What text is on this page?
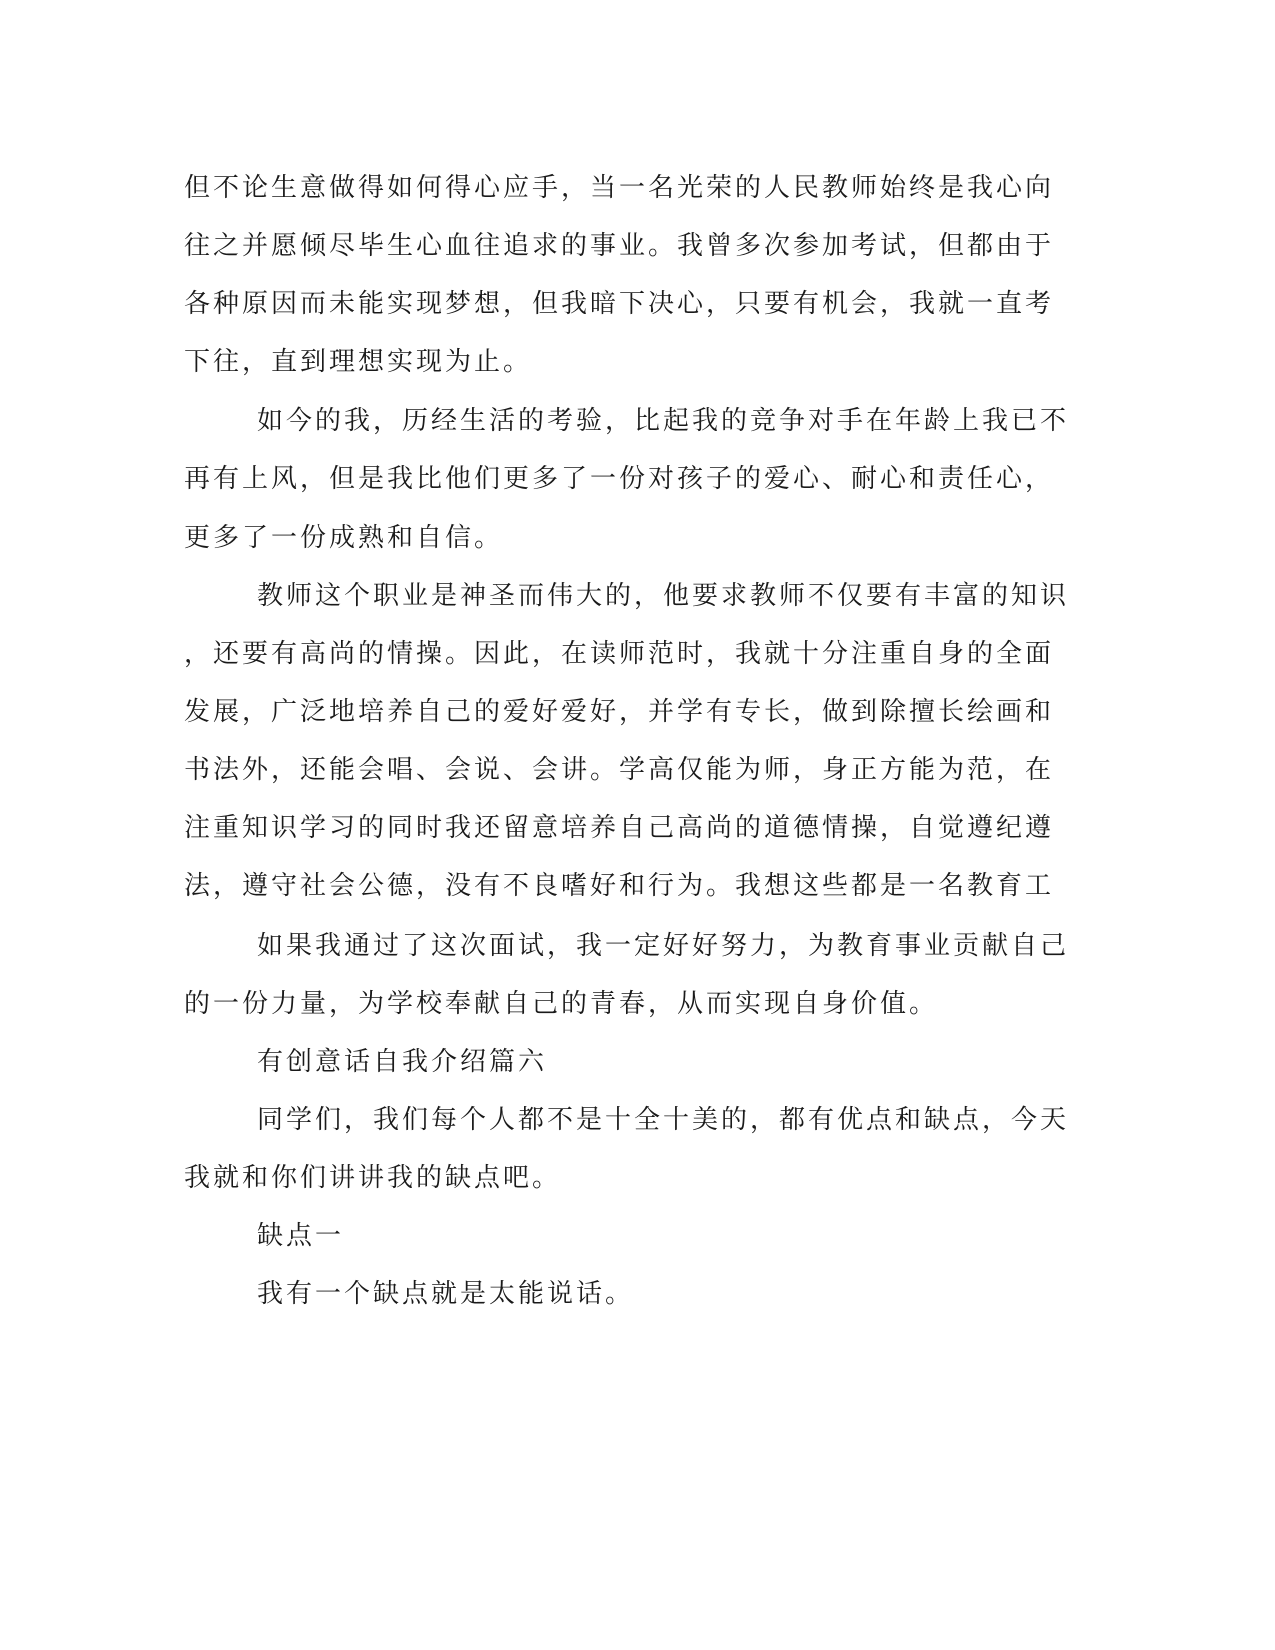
但不论生意做得如何得心应手，当一名光荣的人民教师始终是我心向
往之并愿倾尽毕生心血往追求的事业。我曾多次参加考试，但都由于
各种原因而未能实现梦想，但我暗下决心，只要有机会，我就一直考
下往，直到理想实现为止。
如今的我，历经生活的考验，比起我的竞争对手在年龄上我已不
再有上风，但是我比他们更多了一份对孩子的爱心、耐心和责任心，
更多了一份成熟和自信。
教师这个职业是神圣而伟大的，他要求教师不仅要有丰富的知识
，还要有高尚的情操。因此，在读师范时，我就十分注重自身的全面
发展，广泛地培养自己的爱好爱好，并学有专长，做到除擅长绘画和
书法外，还能会唱、会说、会讲。学高仅能为师，身正方能为范，在
注重知识学习的同时我还留意培养自己高尚的道德情操，自觉遵纪遵
法，遵守社会公德，没有不良嗜好和行为。我想这些都是一名教育工
如果我通过了这次面试，我一定好好努力，为教育事业贡献自己
的一份力量，为学校奉献自己的青春，从而实现自身价值。
有创意话自我介绍篇六
同学们，我们每个人都不是十全十美的，都有优点和缺点，今天
我就和你们讲讲我的缺点吧。
缺点一
我有一个缺点就是太能说话。
